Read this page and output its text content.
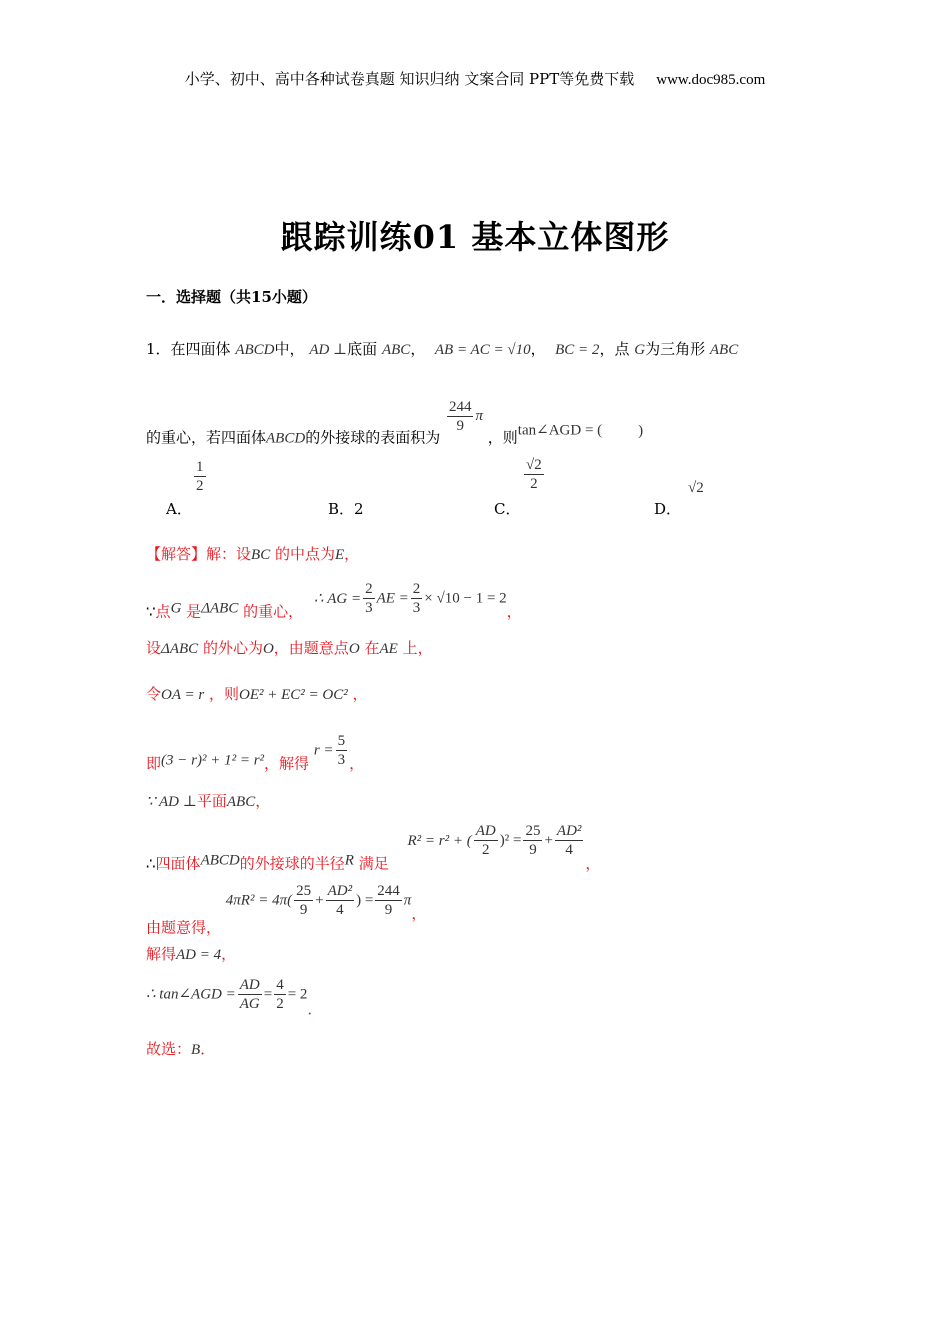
小学、初中、高中各种试卷真题 知识归纳 文案合同 PPT等免费下载 www.doc985.com
跟踪训练01 基本立体图形
一．选择题（共15小题）
1．在四面体 ABCD中， AD ⊥底面 ABC， AB = AC = √10， BC = 2，点 G为三角形 ABC
的重心，若四面体ABCD的外接球的表面积为
$\frac{244}{9}$ π ，则tan∠AGD = ( )
A．
$\frac{1}{2}$
B．2	C．
$\frac{√2}{2}$
D．
√2
【解答】解：设BC 的中点为E，
∵点G 是ΔABC 的重心， ∴ AG = $\frac{2}{3}$ AE = $\frac{2}{3} \times √10 - 1 = 2$，
设ΔABC 的外心为O，由题意点O 在AE 上，
令OA = r ，则OE² + EC² = OC² ，
即(3 − r)² + 1² = r²，解得 $r = \frac{5}{3}$ ，
∵ AD ⊥平面ABC，
∴四面体ABCD的外接球的半径R 满足 R² = r² + ( $\frac{AD}{2} )^2 = \frac{25}{9} + \frac{\text{AD²}}{4}$
，
由题意得， $4\pi R^2 = 4\pi( \frac{25}{9} + \frac{\text{AD²}}{4}$ ) = $\frac{244}{9}$ π，
解得AD = 4，
∴ tan∠AGD = $\frac{AD}{AG} = \frac{4}{2} = 2$.
故选：B．
